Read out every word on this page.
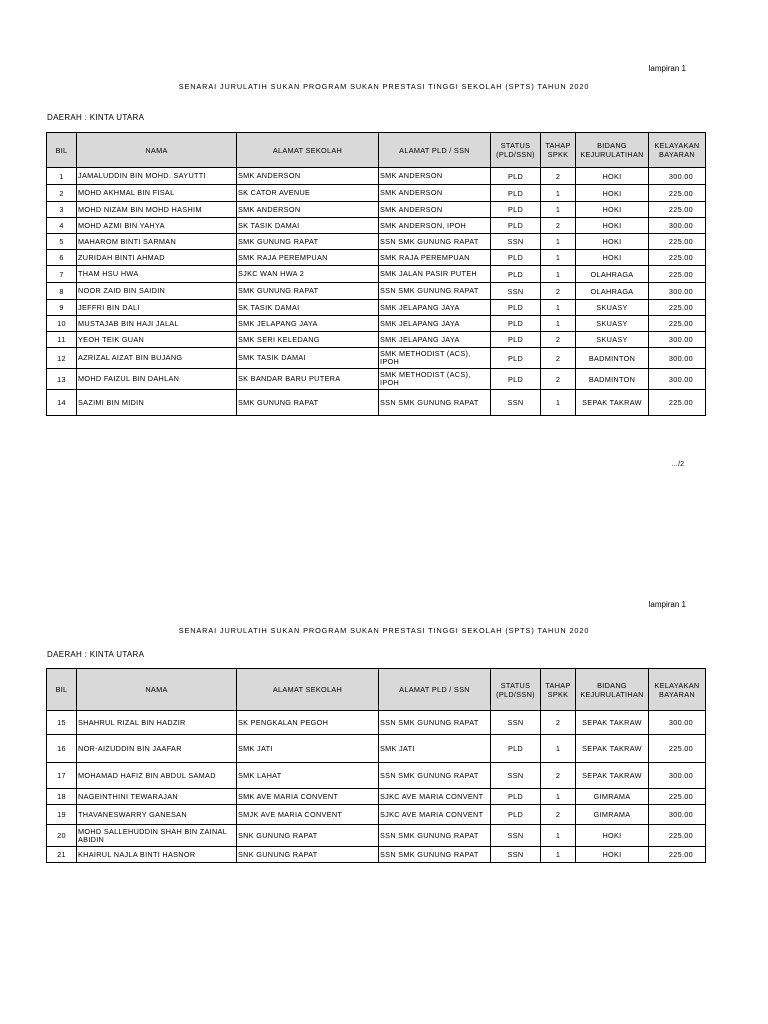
lampiran 1
SENARAI JURULATIH SUKAN PROGRAM SUKAN PRESTASI TINGGI SEKOLAH (SPTS) TAHUN 2020
DAERAH : KINTA UTARA
BIL	NAMA	ALAMAT SEKOLAH	ALAMAT PLD / SSN	STATUS (PLD/SSN)	TAHAP SPKK	BIDANG KEJURULATIHAN	KELAYAKAN BAYARAN
1	JAMALUDDIN BIN MOHD. SAYUTTI	SMK ANDERSON	SMK ANDERSON	PLD	2	HOKI	300.00
2	MOHD AKHMAL BIN FISAL	SK CATOR AVENUE	SMK ANDERSON	PLD	1	HOKI	225.00
3	MOHD NIZAM BIN MOHD HASHIM	SMK ANDERSON	SMK ANDERSON	PLD	1	HOKI	225.00
4	MOHD AZMI BIN YAHYA	SK TASIK DAMAI	SMK ANDERSON, IPOH	PLD	2	HOKI	300.00
5	MAHAROM BINTI SARMAN	SMK GUNUNG RAPAT	SSN SMK GUNUNG RAPAT	SSN	1	HOKI	225.00
6	ZURIDAH BINTI AHMAD	SMK RAJA PEREMPUAN	SMK RAJA PEREMPUAN	PLD	1	HOKI	225.00
7	THAM HSU HWA	SJKC WAN HWA 2	SMK JALAN PASIR PUTEH	PLD	1	OLAHRAGA	225.00
8	NOOR ZAID BIN SAIDIN	SMK GUNUNG RAPAT	SSN SMK GUNUNG RAPAT	SSN	2	OLAHRAGA	300.00
9	JEFFRI BIN DALI	SK TASIK DAMAI	SMK JELAPANG JAYA	PLD	1	SKUASY	225.00
10	MUSTAJAB BIN HAJI JALAL	SMK JELAPANG JAYA	SMK JELAPANG JAYA	PLD	1	SKUASY	225.00
11	YEOH TEIK GUAN	SMK SERI KELEDANG	SMK JELAPANG JAYA	PLD	2	SKUASY	300.00
12	AZRIZAL AIZAT BIN BUJANG	SMK TASIK DAMAI	SMK METHODIST (ACS), IPOH	PLD	2	BADMINTON	300.00
13	MOHD FAIZUL BIN DAHLAN	SK BANDAR BARU PUTERA	SMK METHODIST (ACS), IPOH	PLD	2	BADMINTON	300.00
14	SAZIMI BIN MIDIN	SMK GUNUNG RAPAT	SSN SMK GUNUNG RAPAT	SSN	1	SEPAK TAKRAW	225.00
…/2
lampiran 1
SENARAI JURULATIH SUKAN PROGRAM SUKAN PRESTASI TINGGI SEKOLAH (SPTS) TAHUN 2020
DAERAH : KINTA UTARA
BIL	NAMA	ALAMAT SEKOLAH	ALAMAT PLD / SSN	STATUS (PLD/SSN)	TAHAP SPKK	BIDANG KEJURULATIHAN	KELAYAKAN BAYARAN
15	SHAHRUL RIZAL BIN HADZIR	SK PENGKALAN PEGOH	SSN SMK GUNUNG RAPAT	SSN	2	SEPAK TAKRAW	300.00
16	NOR-AIZUDDIN BIN JAAFAR	SMK JATI	SMK JATI	PLD	1	SEPAK TAKRAW	225.00
17	MOHAMAD HAFIZ BIN ABDUL SAMAD	SMK LAHAT	SSN SMK GUNUNG RAPAT	SSN	2	SEPAK TAKRAW	300.00
18	NAGEINTHINI TEWARAJAN	SMK AVE MARIA CONVENT	SJKC AVE MARIA CONVENT	PLD	1	GIMRAMA	225.00
19	THAVANESWARRY GANESAN	SMJK AVE MARIA CONVENT	SJKC AVE MARIA CONVENT	PLD	2	GIMRAMA	300.00
20	MOHD SALLEHUDDIN SHAH BIN ZAINAL ABIDIN	SNK GUNUNG RAPAT	SSN SMK GUNUNG RAPAT	SSN	1	HOKI	225.00
21	KHAIRUL NAJLA BINTI HASNOR	SNK GUNUNG RAPAT	SSN SMK GUNUNG RAPAT	SSN	1	HOKI	225.00
